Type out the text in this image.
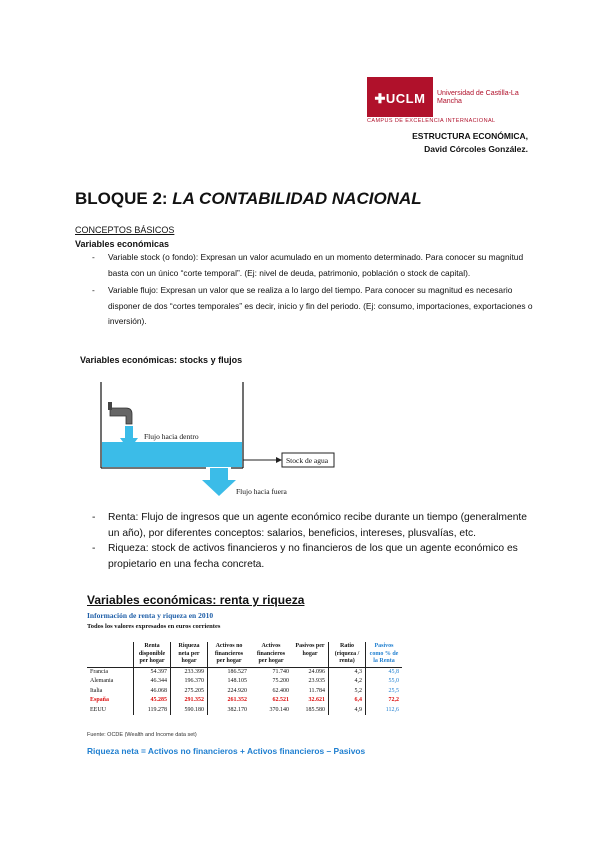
✚UCLM	Universidad de Castilla-La Mancha
CAMPUS DE EXCELENCIA INTERNACIONAL
ESTRUCTURA ECONÓMICA,
David Córcoles González.
BLOQUE 2: LA CONTABILIDAD NACIONAL
CONCEPTOS BÁSICOS
Variables económicas
- Variable stock (o fondo): Expresan un valor acumulado en un momento determinado. Para conocer su magnitud basta con un único “corte temporal”. (Ej: nivel de deuda, patrimonio, población o stock de capital).
- Variable flujo: Expresan un valor que se realiza a lo largo del tiempo. Para conocer su magnitud es necesario disponer de dos “cortes temporales” es decir, inicio y fin del periodo. (Ej: consumo, importaciones, exportaciones o inversión).
Variables económicas: stocks y flujos
Stock de agua
Flujo hacia dentro
Flujo hacia fuera
- Renta: Flujo de ingresos que un agente económico recibe durante un tiempo (generalmente un año), por diferentes conceptos: salarios, beneficios, intereses, plusvalías, etc.
- Riqueza: stock de activos financieros y no financieros de los que un agente económico es propietario en una fecha concreta.
Variables económicas: renta y riqueza
Información de renta y riqueza en 2010
Todos los valores expresados en euros corrientes
	Renta disponible per hogar	Riqueza neta per hogar	Activos no financieros per hogar	Activos financieros per hogar	Pasivos per hogar	Ratio (riqueza / renta)	Pasivos como % de la Renta
Francia	54.397	233.399	186.527	71.740	24.096	4,3	45,8
Alemania	46.344	196.370	148.105	75.200	23.935	4,2	55,0
Italia	46.068	275.205	224.920	62.400	11.784	5,2	25,5
España	45.285	291.352	261.352	62.521	32.621	6,4	72,2
EEUU	119.278	590.180	382.170	370.140	185.580	4,9	112,6
Fuente: OCDE (Wealth and Income data set)
Riqueza neta = Activos no financieros + Activos financieros – Pasivos
